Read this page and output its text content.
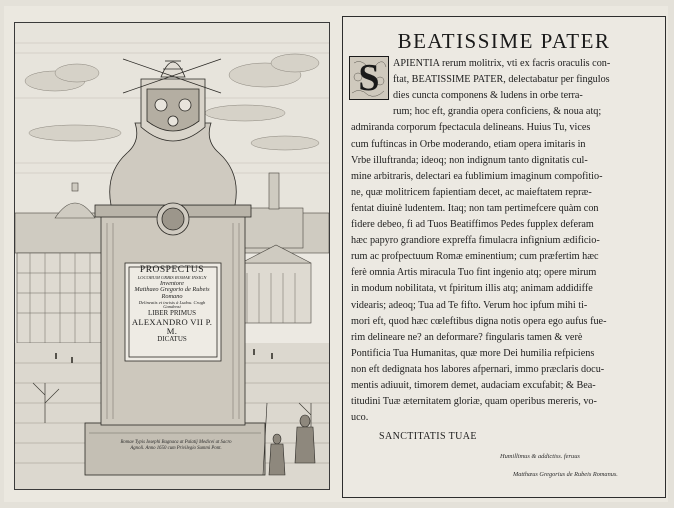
PROSPECTUS
LOCORUM URBIS ROMAE INSIGN
Inventore
Matthaeo Gregorio de Rubeis
Romano
Delineatis et incisis à Ludou. Crugh
Gandensi
LIBER PRIMUS
ALEXANDRO VII P. M.
DICATUS
Romae Typis Iosephi Bagnaca at Palatij Medicei at Sacro
Agnoli. Anno 1650 cum Privilegio Summi Pont.
BEATISSIME PATER
S	APIENTIA rerum molitrix, vti ex facris oraculis con-
ftat, BEATISSIME PATER, delectabatur per fingulos
dies cuncta componens & ludens in orbe terra-
rum; hoc eft, grandia opera conficiens, & noua atq;
admiranda corporum fpectacula delineans. Huius Tu, vices
cum fuftincas in Orbe moderando, etiam opera imitaris in
Vrbe illuftranda; ideoq; non indignum tanto dignitatis cul-
mine arbitraris, delectari ea fublimium imaginum compofitio-
ne, quæ molitricem fapientiam decet, ac maieftatem repræ-
fentat diuinè ludentem. Itaq; non tam pertimefcere quàm con
fidere debeo, fi ad Tuos Beatiffimos Pedes fupplex deferam
hæc papyro grandiore expreffa fimulacra infignium ædificio-
rum ac profpectuum Romæ eminentium; cum præfertim hæc
ferè omnia Artis miracula Tuo fint ingenio atq; opere mirum
in modum nobilitata, vt fpiritum illis atq; animam addidiffe
videaris; adeoq; Tua ad Te fifto. Verum hoc ipfum mihi ti-
mori eft, quod hæc cœleftibus digna notis opera ego aufus fue-
rim delineare ne? an deformare? fingularis tamen & verè
Pontificia Tua Humanitas, quæ more Dei humilia refpiciens
non eft dedignata hos labores afpernari, immo præclaris docu-
mentis adiuuit, timorem demet, audaciam excufabit; & Bea-
titudini Tuæ æternitatem gloriæ, quam operibus mereris, vo-
uco.
SANCTITATIS TUAE
Humillimus & addictiss. feruus
Matthæus Gregorius de Rubeis Romanus.
